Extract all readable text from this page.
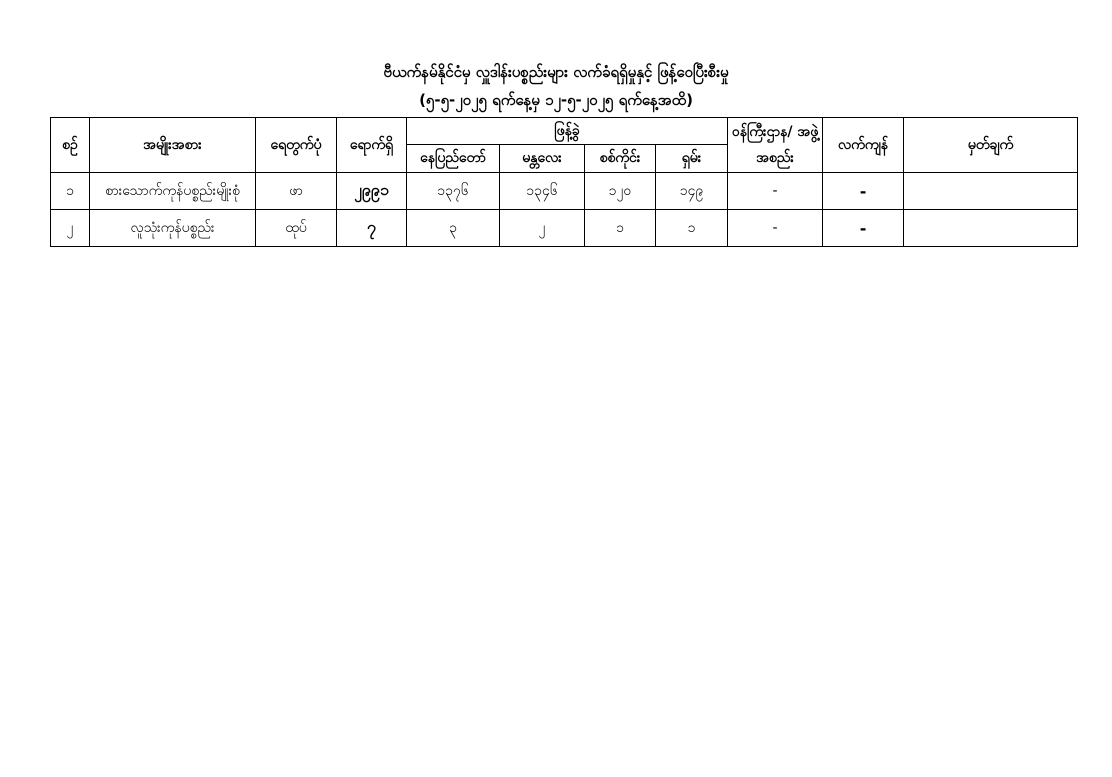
ဗီယက်နမ်နိုင်ငံမှ လှူဒါန်းပစ္စည်းများ လက်ခံရရှိမှုနှင့် ဖြန့်ဝေပြီးစီးမှု
(၅-၅-၂၀၂၅ ရက်နေ့မှ ၁၂-၅-၂၀၂၅ ရက်နေ့အထိ)
စဉ်	အမျိုးအစား	ရေတွက်ပုံ	ရောက်ရှိ	ဖြန့်ခွဲ				ဝန်ကြီးဌာန/ အဖွဲ့အစည်း	လက်ကျန်	မှတ်ချက်
				နေပြည်တော်	မန္တလေး	စစ်ကိုင်း	ရှမ်း			
၁	စားသောက်ကုန်ပစ္စည်းမျိုးစုံ	ဖာ	၂၉၉၁	၁၃၇၆	၁၃၄၆	၁၂၀	၁၄၉	-	-	
၂	လူသုံးကုန်ပစ္စည်း	ထုပ်	၇	၃	၂	၁	၁	-	-	
